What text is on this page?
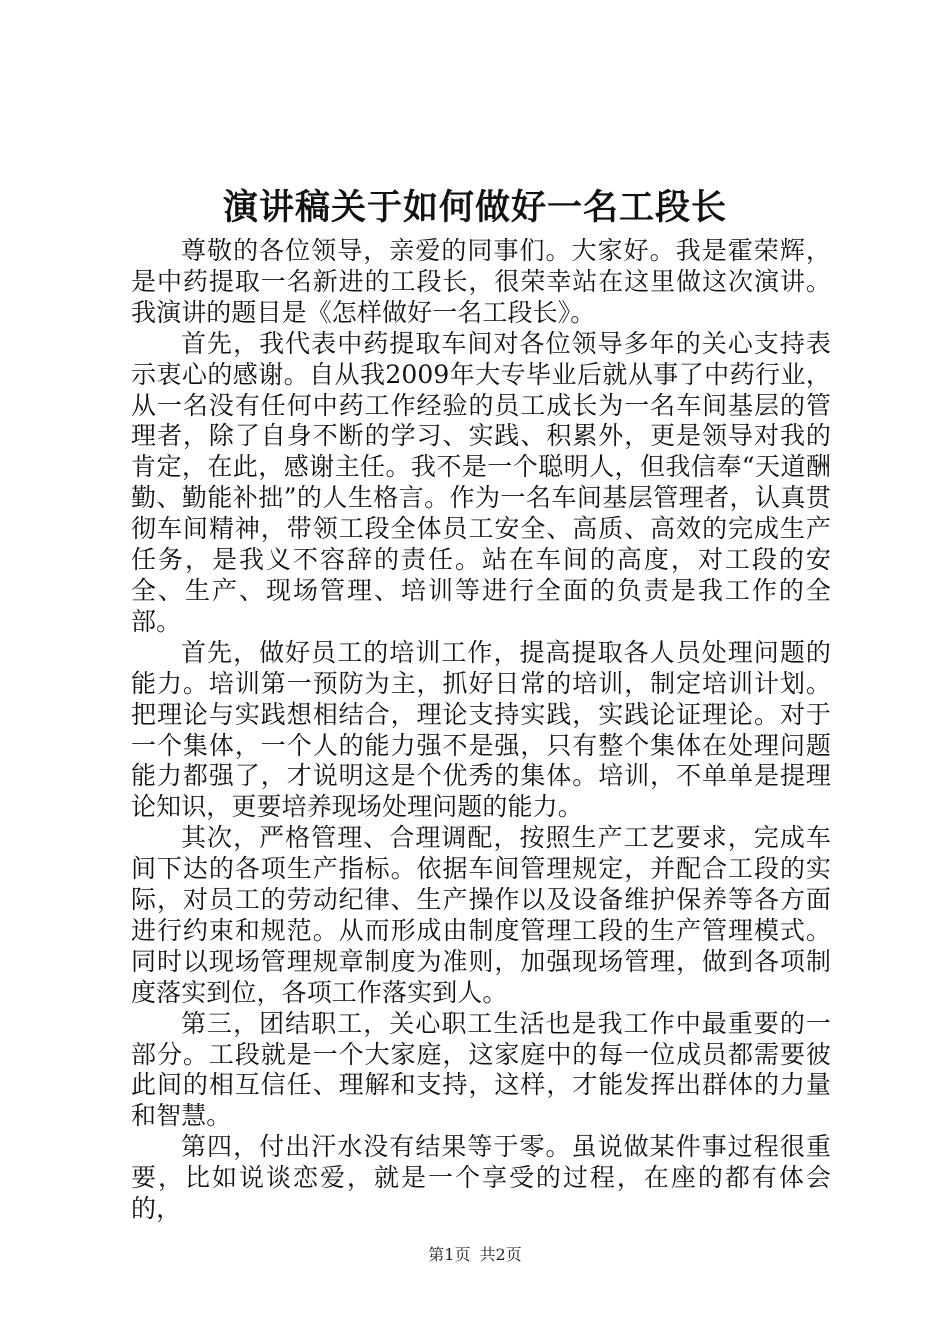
演讲稿关于如何做好一名工段长

尊敬的各位领导，亲爱的同事们。大家好。我是霍荣辉，是中药提取一名新进的工段长，很荣幸站在这里做这次演讲。我演讲的题目是《怎样做好一名工段长》。

首先，我代表中药提取车间对各位领导多年的关心支持表示衷心的感谢。自从我2009年大专毕业后就从事了中药行业，从一名没有任何中药工作经验的员工成长为一名车间基层的管理者，除了自身不断的学习、实践、积累外，更是领导对我的肯定，在此，感谢主任。我不是一个聪明人，但我信奉“天道酬勤、勤能补拙”的人生格言。作为一名车间基层管理者，认真贯彻车间精神，带领工段全体员工安全、高质、高效的完成生产任务，是我义不容辞的责任。站在车间的高度，对工段的安全、生产、现场管理、培训等进行全面的负责是我工作的全部。

首先，做好员工的培训工作，提高提取各人员处理问题的能力。培训第一预防为主，抓好日常的培训，制定培训计划。把理论与实践想相结合，理论支持实践，实践论证理论。对于一个集体，一个人的能力强不是强，只有整个集体在处理问题能力都强了，才说明这是个优秀的集体。培训，不单单是提理论知识，更要培养现场处理问题的能力。

其次，严格管理、合理调配，按照生产工艺要求，完成车间下达的各项生产指标。依据车间管理规定，并配合工段的实际，对员工的劳动纪律、生产操作以及设备维护保养等各方面进行约束和规范。从而形成由制度管理工段的生产管理模式。同时以现场管理规章制度为准则，加强现场管理，做到各项制度落实到位，各项工作落实到人。

第三，团结职工，关心职工生活也是我工作中最重要的一部分。工段就是一个大家庭，这家庭中的每一位成员都需要彼此间的相互信任、理解和支持，这样，才能发挥出群体的力量和智慧。

第四，付出汗水没有结果等于零。虽说做某件事过程很重要，比如说谈恋爱，就是一个享受的过程，在座的都有体会的，

第1页 共2页
